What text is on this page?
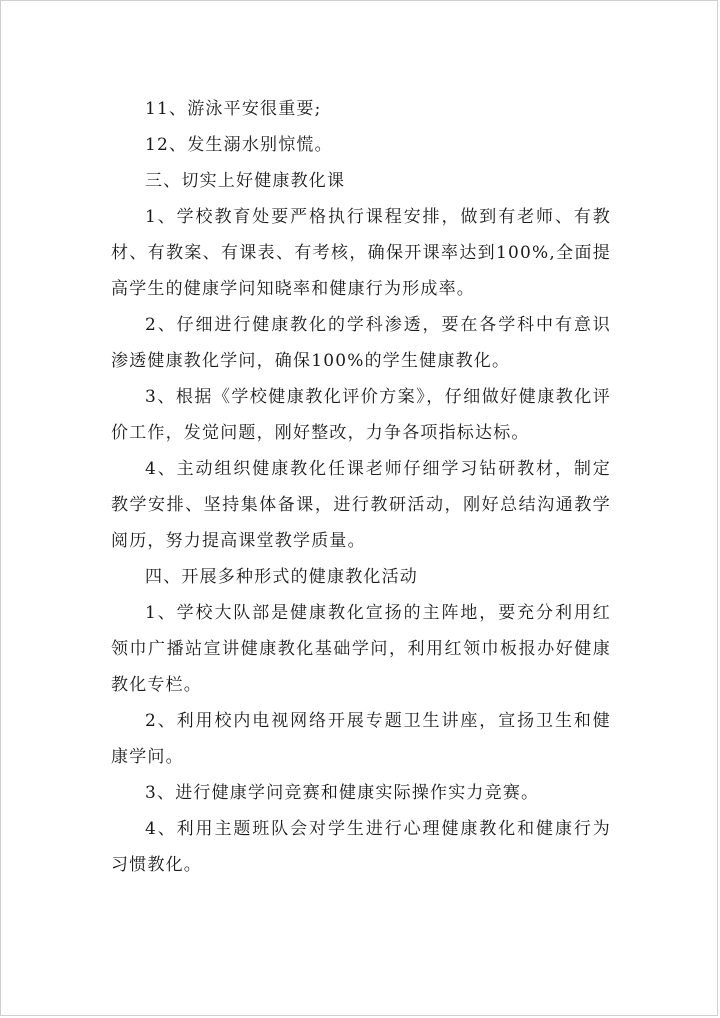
11、游泳平安很重要;

12、发生溺水别惊慌。

三、切实上好健康教化课

1、学校教育处要严格执行课程安排，做到有老师、有教材、有教案、有课表、有考核，确保开课率达到100%,全面提高学生的健康学问知晓率和健康行为形成率。

2、仔细进行健康教化的学科渗透，要在各学科中有意识渗透健康教化学问，确保100%的学生健康教化。

3、根据《学校健康教化评价方案》，仔细做好健康教化评价工作，发觉问题，刚好整改，力争各项指标达标。

4、主动组织健康教化任课老师仔细学习钻研教材，制定教学安排、坚持集体备课，进行教研活动，刚好总结沟通教学阅历，努力提高课堂教学质量。

四、开展多种形式的健康教化活动

1、学校大队部是健康教化宣扬的主阵地，要充分利用红领巾广播站宣讲健康教化基础学问，利用红领巾板报办好健康教化专栏。

2、利用校内电视网络开展专题卫生讲座，宣扬卫生和健康学问。

3、进行健康学问竞赛和健康实际操作实力竞赛。

4、利用主题班队会对学生进行心理健康教化和健康行为习惯教化。
